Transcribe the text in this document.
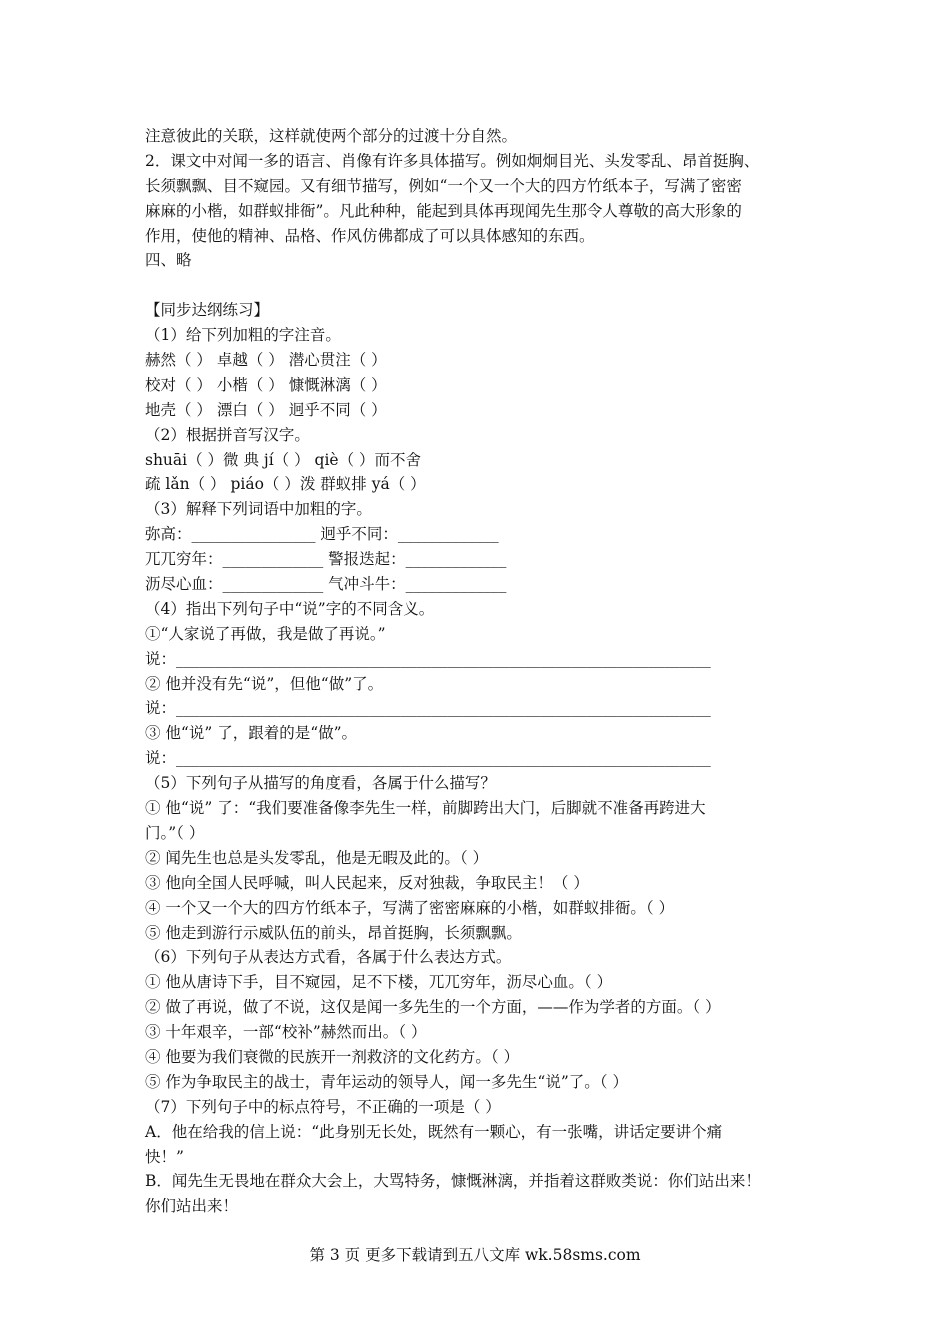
注意彼此的关联，这样就使两个部分的过渡十分自然。
2．课文中对闻一多的语言、肖像有许多具体描写。例如炯炯目光、头发零乱、昂首挺胸、
长须飘飘、目不窥园。又有细节描写，例如“一个又一个大的四方竹纸本子，写满了密密
麻麻的小楷，如群蚁排衙”。凡此种种，能起到具体再现闻先生那令人尊敬的高大形象的
作用，使他的精神、品格、作风仿佛都成了可以具体感知的东西。
四、略
【同步达纲练习】
（1）给下列加粗的字注音。
赫然（ ） 卓越（ ） 潜心贯注（ ）
校对（ ） 小楷（ ） 慷慨淋漓（ ）
地壳（ ） 漂白（ ） 迥乎不同（ ）
（2）根据拼音写汉字。
shuāi（ ）微 典 jí（ ） qiè（ ）而不舍
疏 lǎn（ ） piáo（ ）泼 群蚁排 yá（ ）
（3）解释下列词语中加粗的字。
弥高：________________ 迥乎不同：_____________
兀兀穷年：_____________ 警报迭起：_____________
沥尽心血：_____________ 气冲斗牛：_____________
（4）指出下列句子中“说”字的不同含义。
①“人家说了再做，我是做了再说。”
说：_____________________________________________________________________
② 他并没有先“说”，但他“做”了。
说：_____________________________________________________________________
③ 他“说” 了，跟着的是“做”。
说：_____________________________________________________________________
（5）下列句子从描写的角度看，各属于什么描写？
① 他“说” 了：“我们要准备像李先生一样，前脚跨出大门，后脚就不准备再跨进大
门。”（ ）
② 闻先生也总是头发零乱，他是无暇及此的。（ ）
③ 他向全国人民呼喊，叫人民起来，反对独裁，争取民主！（ ）
④ 一个又一个大的四方竹纸本子，写满了密密麻麻的小楷，如群蚁排衙。（ ）
⑤ 他走到游行示威队伍的前头，昂首挺胸，长须飘飘。
（6）下列句子从表达方式看，各属于什么表达方式。
① 他从唐诗下手，目不窥园，足不下楼，兀兀穷年，沥尽心血。（ ）
② 做了再说，做了不说，这仅是闻一多先生的一个方面，——作为学者的方面。（ ）
③ 十年艰辛，一部“校补”赫然而出。（ ）
④ 他要为我们衰微的民族开一剂救济的文化药方。（ ）
⑤ 作为争取民主的战士，青年运动的领导人，闻一多先生“说”了。（ ）
（7）下列句子中的标点符号，不正确的一项是（ ）
A．他在给我的信上说：“此身别无长处，既然有一颗心，有一张嘴，讲话定要讲个痛
快！”
B．闻先生无畏地在群众大会上，大骂特务，慷慨淋漓，并指着这群败类说：你们站出来！
你们站出来！
第 3 页 更多下载请到五八文库 wk.58sms.com
